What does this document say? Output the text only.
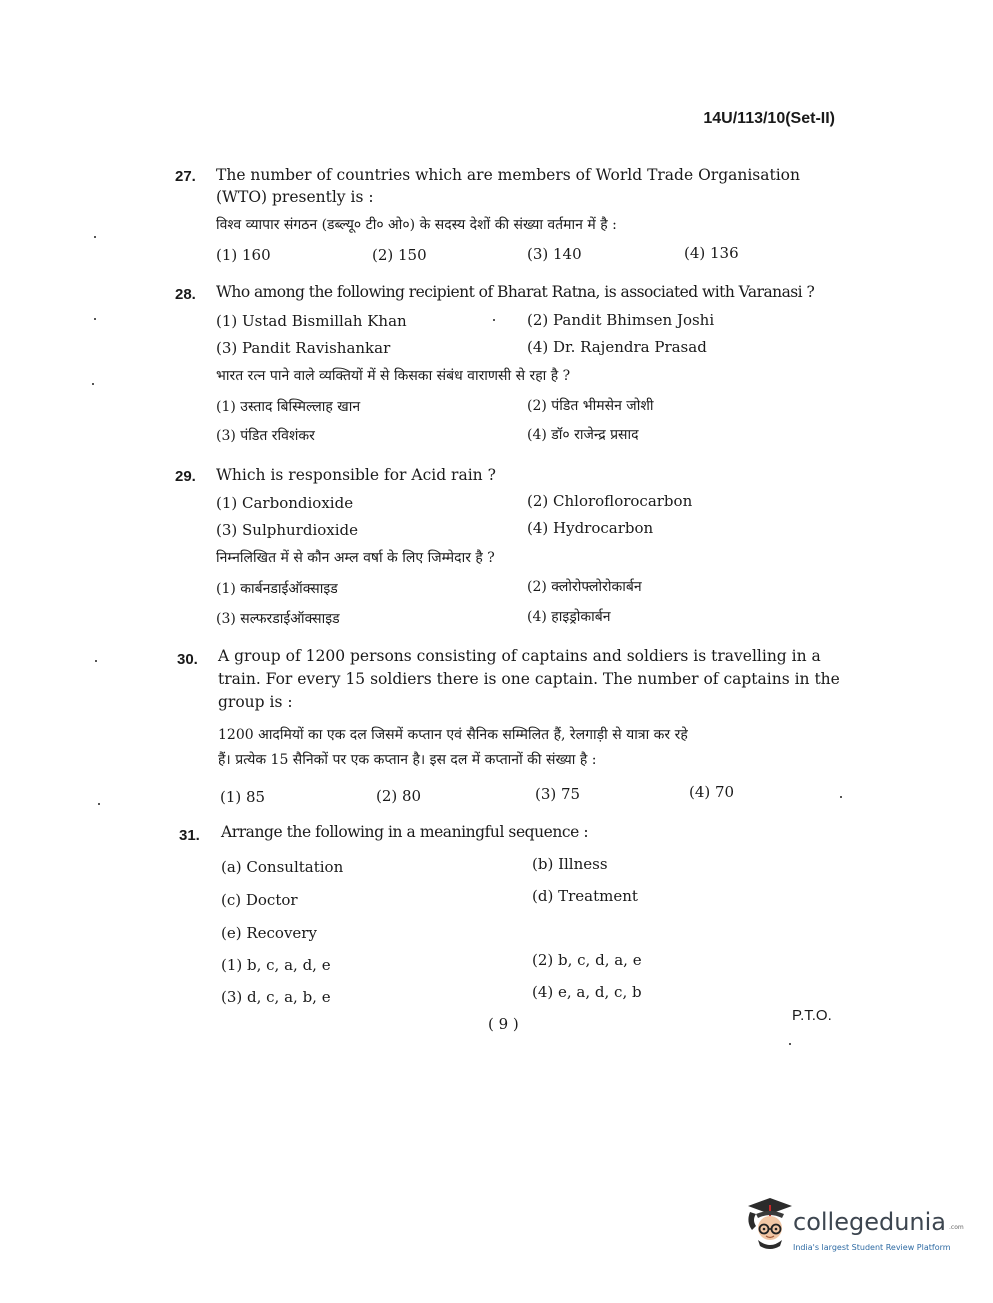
14U/113/10(Set-II)
27. The number of countries which are members of World Trade Organisation
(WTO) presently is :
विश्व व्यापार संगठन (डब्ल्यू० टी० ओ०) के सदस्य देशों की संख्या वर्तमान में है :
(1) 160	(2) 150	(3) 140	(4) 136
28. Who among the following recipient of Bharat Ratna, is associated with Varanasi ?
(1) Ustad Bismillah Khan	(2) Pandit Bhimsen Joshi
(3) Pandit Ravishankar	(4) Dr. Rajendra Prasad
भारत रत्न पाने वाले व्यक्तियों में से किसका संबंध वाराणसी से रहा है ?
(1) उस्ताद बिस्मिल्लाह खान	(2) पंडित भीमसेन जोशी
(3) पंडित रविशंकर	(4) डॉ० राजेन्द्र प्रसाद
29. Which is responsible for Acid rain ?
(1) Carbondioxide	(2) Chloroflorocarbon
(3) Sulphurdioxide	(4) Hydrocarbon
निम्नलिखित में से कौन अम्ल वर्षा के लिए जिम्मेदार है ?
(1) कार्बनडाईऑक्साइड	(2) क्लोरोफ्लोरोकार्बन
(3) सल्फरडाईऑक्साइड	(4) हाइड्रोकार्बन
30. A group of 1200 persons consisting of captains and soldiers is travelling in a
train. For every 15 soldiers there is one captain. The number of captains in the
group is :
1200 आदमियों का एक दल जिसमें कप्तान एवं सैनिक सम्मिलित हैं, रेलगाड़ी से यात्रा कर रहे
हैं। प्रत्येक 15 सैनिकों पर एक कप्तान है। इस दल में कप्तानों की संख्या है :
(1) 85	(2) 80	(3) 75	(4) 70
31. Arrange the following in a meaningful sequence :
(a) Consultation	(b) Illness
(c) Doctor	(d) Treatment
(e) Recovery
(1) b, c, a, d, e	(2) b, c, d, a, e
(3) d, c, a, b, e	(4) e, a, d, c, b
( 9 )	P.T.O.
collegedunia .com
India's largest Student Review Platform
